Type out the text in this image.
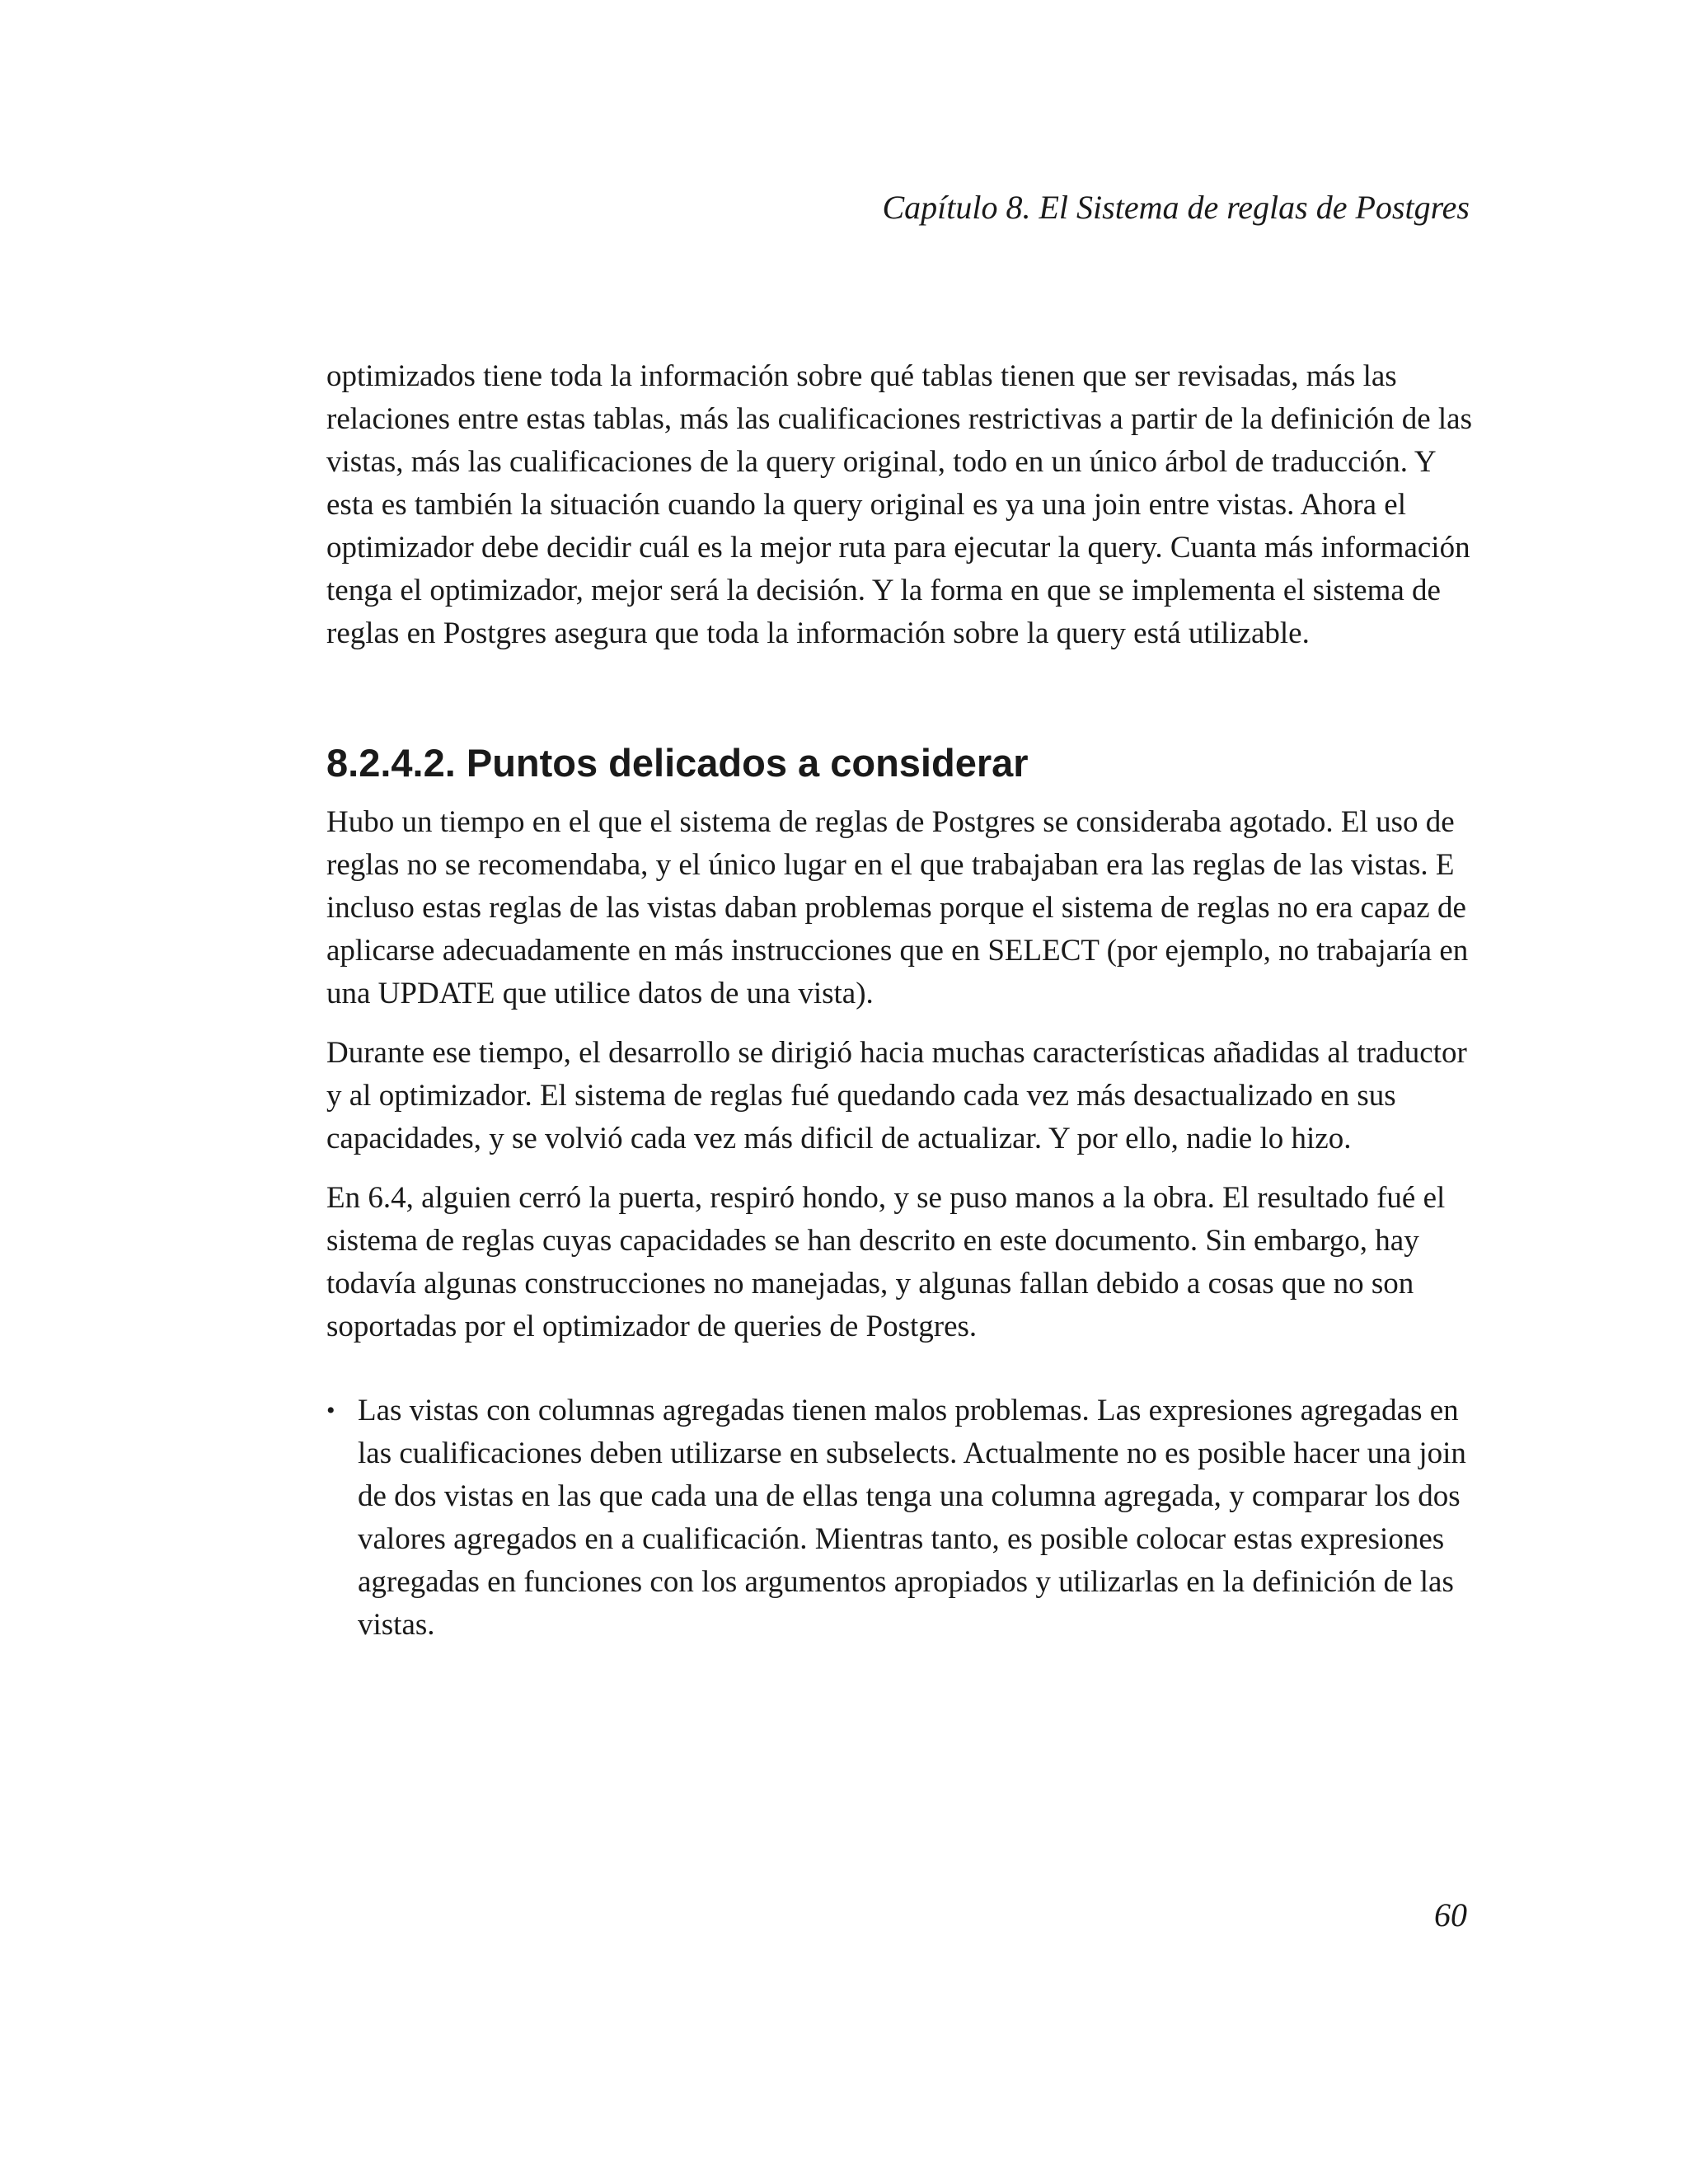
Capítulo 8. El Sistema de reglas de Postgres

optimizados tiene toda la información sobre qué tablas tienen que ser revisadas, más las relaciones entre estas tablas, más las cualificaciones restrictivas a partir de la definición de las vistas, más las cualificaciones de la query original, todo en un único árbol de traducción. Y esta es también la situación cuando la query original es ya una join entre vistas. Ahora el optimizador debe decidir cuál es la mejor ruta para ejecutar la query. Cuanta más información tenga el optimizador, mejor será la decisión. Y la forma en que se implementa el sistema de reglas en Postgres asegura que toda la información sobre la query está utilizable.

8.2.4.2. Puntos delicados a considerar

Hubo un tiempo en el que el sistema de reglas de Postgres se consideraba agotado. El uso de reglas no se recomendaba, y el único lugar en el que trabajaban era las reglas de las vistas. E incluso estas reglas de las vistas daban problemas porque el sistema de reglas no era capaz de aplicarse adecuadamente en más instrucciones que en SELECT (por ejemplo, no trabajaría en una UPDATE que utilice datos de una vista).

Durante ese tiempo, el desarrollo se dirigió hacia muchas características añadidas al traductor y al optimizador. El sistema de reglas fué quedando cada vez más desactualizado en sus capacidades, y se volvió cada vez más dificil de actualizar. Y por ello, nadie lo hizo.

En 6.4, alguien cerró la puerta, respiró hondo, y se puso manos a la obra. El resultado fué el sistema de reglas cuyas capacidades se han descrito en este documento. Sin embargo, hay todavía algunas construcciones no manejadas, y algunas fallan debido a cosas que no son soportadas por el optimizador de queries de Postgres.

• Las vistas con columnas agregadas tienen malos problemas. Las expresiones agregadas en las cualificaciones deben utilizarse en subselects. Actualmente no es posible hacer una join de dos vistas en las que cada una de ellas tenga una columna agregada, y comparar los dos valores agregados en a cualificación. Mientras tanto, es posible colocar estas expresiones agregadas en funciones con los argumentos apropiados y utilizarlas en la definición de las vistas.
60
